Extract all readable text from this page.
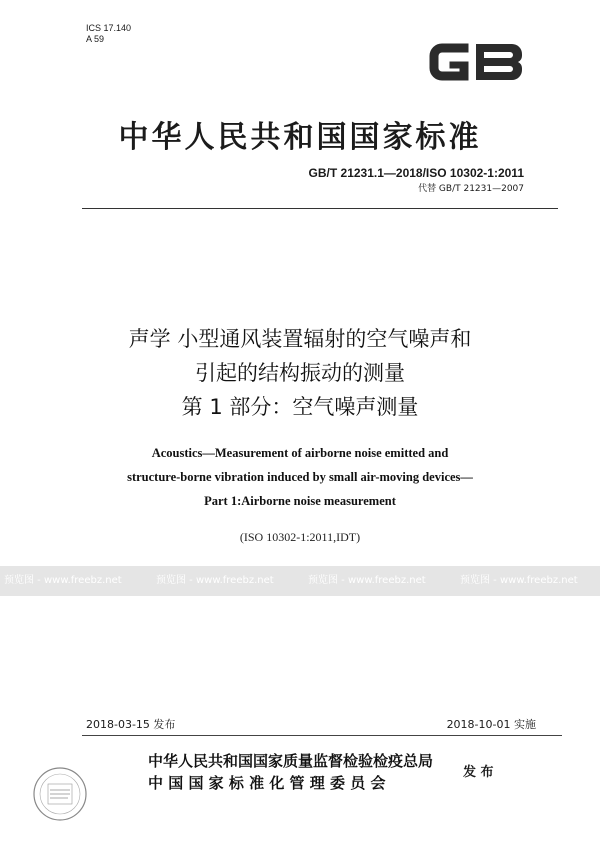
ICS 17.140
A 59
GB
中华人民共和国国家标准
GB/T 21231.1—2018/ISO 10302-1:2011
代替 GB/T 21231—2007
声学 小型通风装置辐射的空气噪声和
引起的结构振动的测量
第 1 部分：空气噪声测量
Acoustics—Measurement of airborne noise emitted and
structure-borne vibration induced by small air-moving devices—
Part 1:Airborne noise measurement
(ISO 10302-1:2011,IDT)
预览图 - www.freebz.net	预览图 - www.freebz.net	预览图 - www.freebz.net	预览图 - www.freebz.net
2018-03-15 发布	2018-10-01 实施
中华人民共和国国家质量监督检验检疫总局
中 国 国 家 标 准 化 管 理 委 员 会
发 布
